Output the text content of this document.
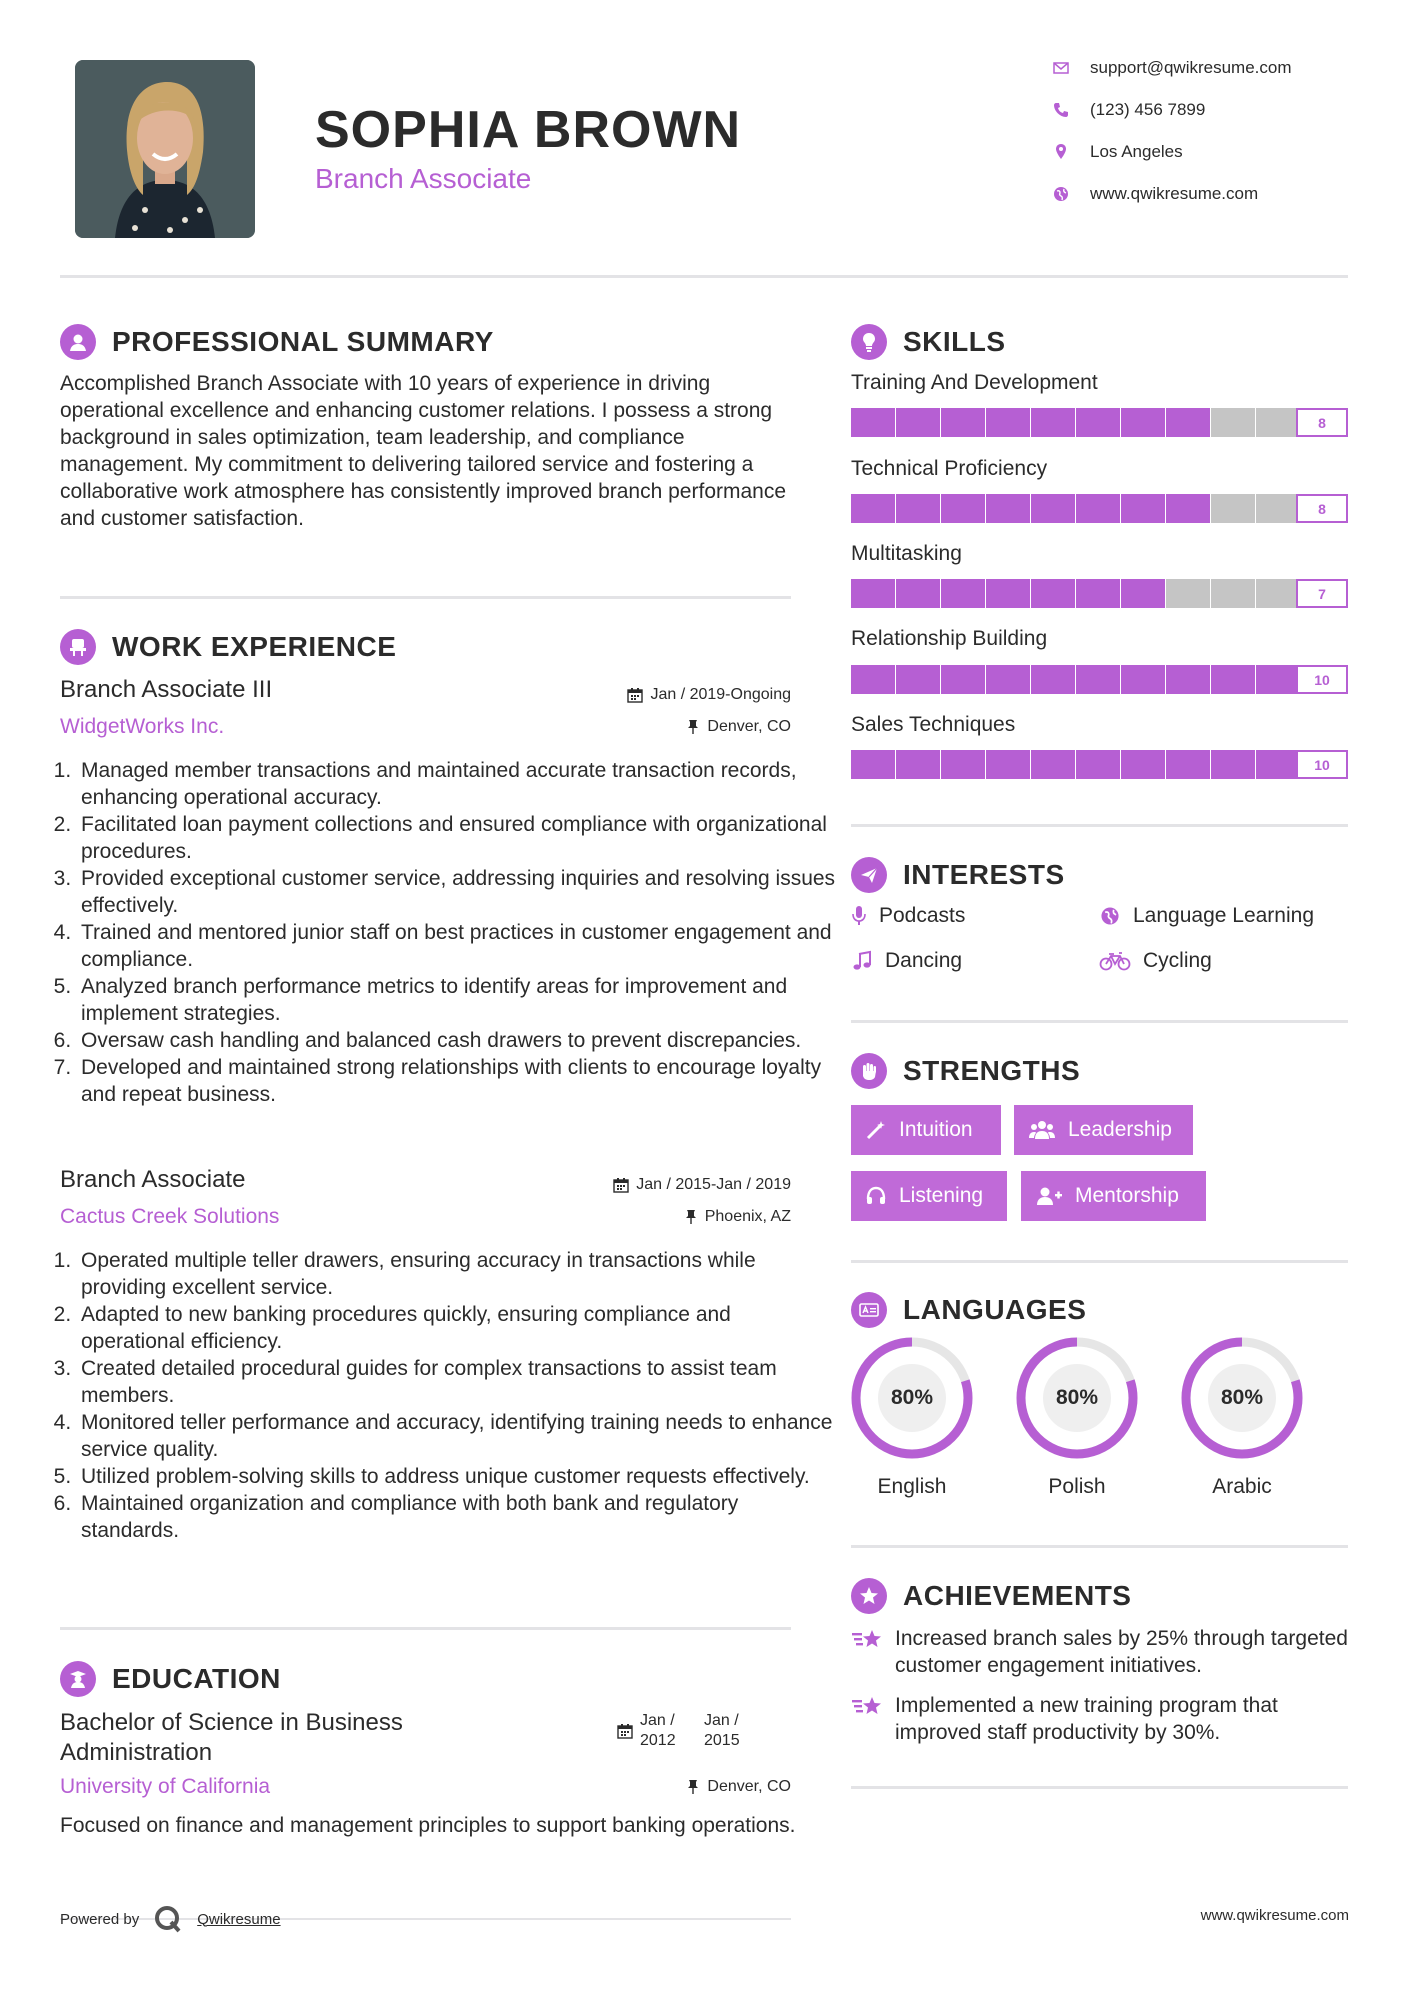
SOPHIA BROWN
Branch Associate
support@qwikresume.com
(123) 456 7899
Los Angeles
www.qwikresume.com
PROFESSIONAL SUMMARY
Accomplished Branch Associate with 10 years of experience in driving operational excellence and enhancing customer relations. I possess a strong background in sales optimization, team leadership, and compliance management. My commitment to delivering tailored service and fostering a collaborative work atmosphere has consistently improved branch performance and customer satisfaction.
WORK EXPERIENCE
Branch Associate III	Jan / 2019-Ongoing
WidgetWorks Inc.	Denver, CO
1. Managed member transactions and maintained accurate transaction records, enhancing operational accuracy.
2. Facilitated loan payment collections and ensured compliance with organizational procedures.
3. Provided exceptional customer service, addressing inquiries and resolving issues effectively.
4. Trained and mentored junior staff on best practices in customer engagement and compliance.
5. Analyzed branch performance metrics to identify areas for improvement and implement strategies.
6. Oversaw cash handling and balanced cash drawers to prevent discrepancies.
7. Developed and maintained strong relationships with clients to encourage loyalty and repeat business.
Branch Associate	Jan / 2015-Jan / 2019
Cactus Creek Solutions	Phoenix, AZ
1. Operated multiple teller drawers, ensuring accuracy in transactions while providing excellent service.
2. Adapted to new banking procedures quickly, ensuring compliance and operational efficiency.
3. Created detailed procedural guides for complex transactions to assist team members.
4. Monitored teller performance and accuracy, identifying training needs to enhance service quality.
5. Utilized problem-solving skills to address unique customer requests effectively.
6. Maintained organization and compliance with both bank and regulatory standards.
EDUCATION
Bachelor of Science in Business Administration
Jan /
2012
Jan /
2015
University of California	Denver, CO
Focused on finance and management principles to support banking operations.
SKILLS
Training And Development
8
Technical Proficiency
8
Multitasking
7
Relationship Building
10
Sales Techniques
10
INTERESTS
Podcasts	Language Learning
Dancing	Cycling
STRENGTHS
Intuition	Leadership
Listening	Mentorship
LANGUAGES
80%
English
80%
Polish
80%
Arabic
ACHIEVEMENTS
Increased branch sales by 25% through targeted customer engagement initiatives.
Implemented a new training program that improved staff productivity by 30%.
Powered by	Qwikresume	www.qwikresume.com
